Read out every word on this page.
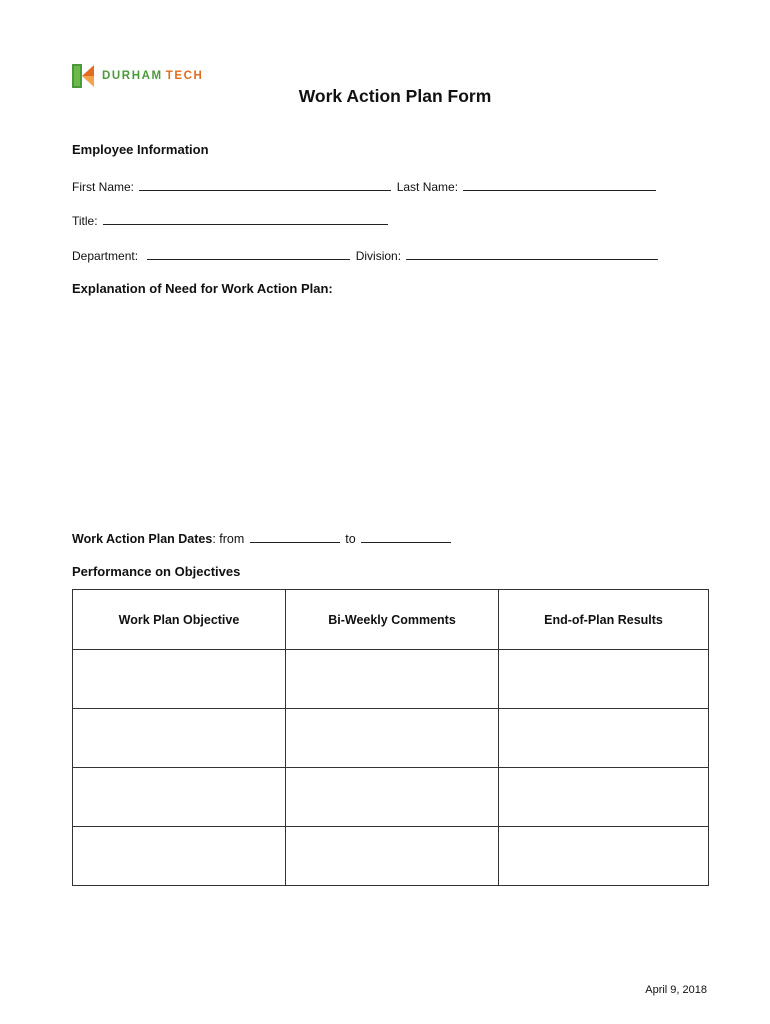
DURHAM TECH
Work Action Plan Form
Employee Information
First Name:	Last Name:
Title:
Department:	Division:
Explanation of Need for Work Action Plan:
Work Action Plan Dates: from	to
Performance on Objectives
Work Plan Objective	Bi-Weekly Comments	End-of-Plan Results

April 9, 2018
